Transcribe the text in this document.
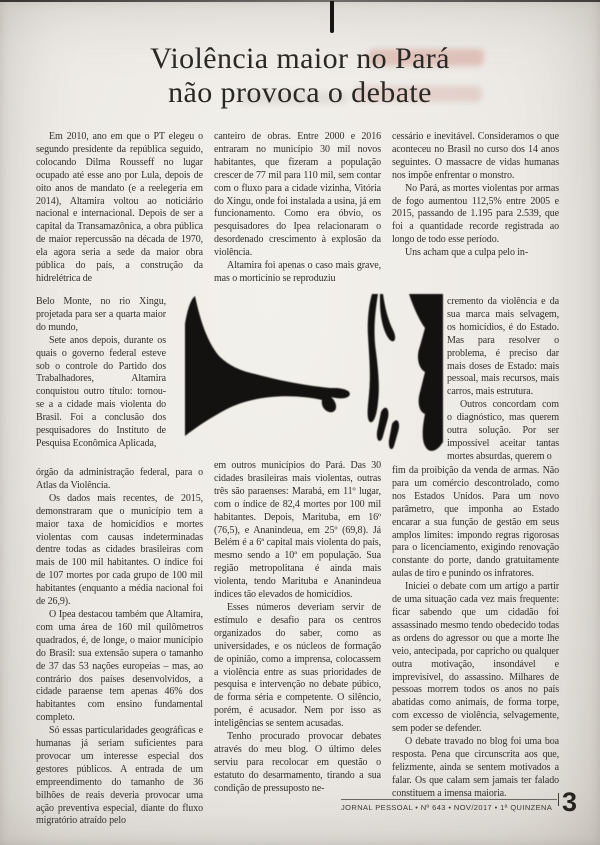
Violência maior no Pará
não provoca o debate

Em 2010, ano em que o PT elegeu o segundo presidente da república seguido, colocando Dilma Rousseff no lugar ocupado até esse ano por Lula, depois de oito anos de mandato (e a reelegeria em 2014), Altamira voltou ao noticiário nacional e internacional. Depois de ser a capital da Transamazônica, a obra pública de maior repercussão na década de 1970, ela agora seria a sede da maior obra pública do país, a construção da hidrelétrica de

Belo Monte, no rio Xingu, projetada para ser a quarta maior do mundo,

Sete anos depois, durante os quais o governo federal esteve sob o controle do Partido dos Trabalhadores, Altamira conquistou outro título: tornou-se a a cidade mais violenta do Brasil. Foi a conclusão dos pesquisadores do Instituto de Pesquisa Econômica Aplicada,

órgão da administração federal, para o Atlas da Violência.

Os dados mais recentes, de 2015, demonstraram que o município tem a maior taxa de homicídios e mortes violentas com causas indeterminadas dentre todas as cidades brasileiras com mais de 100 mil habitantes. O índice foi de 107 mortes por cada grupo de 100 mil habitantes (enquanto a média nacional foi de 26,9).

O Ipea destacou também que Altamira, com uma área de 160 mil quilômetros quadrados, é, de longe, o maior município do Brasil: sua extensão supera o tamanho de 37 das 53 nações europeias – mas, ao contrário dos países desenvolvidos, a cidade paraense tem apenas 46% dos habitantes com ensino fundamental completo.

Só essas particularidades geográficas e humanas já seriam suficientes para provocar um interesse especial dos gestores públicos. A entrada de um empreendimento do tamanho de 36 bilhões de reais deveria provocar uma ação preventiva especial, diante do fluxo migratório atraído pelo

canteiro de obras. Entre 2000 e 2016 entraram no município 30 mil novos habitantes, que fizeram a população crescer de 77 mil para 110 mil, sem contar com o fluxo para a cidade vizinha, Vitória do Xingu, onde foi instalada a usina, já em funcionamento. Como era óbvio, os pesquisadores do Ipea relacionaram o desordenado crescimento à explosão da violência.

Altamira foi apenas o caso mais grave, mas o morticínio se reproduziu

em outros municípios do Pará. Das 30 cidades brasileiras mais violentas, outras três são paraenses: Marabá, em 11º lugar, com o índice de 82,4 mortes por 100 mil habitantes. Depois, Marituba, em 16º (76,5), e Ananindeua, em 25º (69,8). Já Belém é a 6ª capital mais violenta do país, mesmo sendo a 10ª em população. Sua região metropolitana é ainda mais violenta, tendo Marituba e Ananindeua índices tão elevados de homicídios.

Esses números deveriam servir de estímulo e desafio para os centros organizados do saber, como as universidades, e os núcleos de formação de opinião, como a imprensa, colocassem a violência entre as suas prioridades de pesquisa e intervenção no debate púbico, de forma séria e competente. O silêncio, porém, é acusador. Nem por isso as inteligências se sentem acusadas.

Tenho procurado provocar debates através do meu blog. O último deles serviu para recolocar em questão o estatuto do desarmamento, tirando a sua condição de pressuposto ne-

cessário e inevitável. Consideramos o que aconteceu no Brasil no curso dos 14 anos seguintes. O massacre de vidas humanas nos impõe enfrentar o monstro.

No Pará, as mortes violentas por armas de fogo aumentou 112,5% entre 2005 e 2015, passando de 1.195 para 2.539, que foi a quantidade recorde registrada ao longo de todo esse período.

Uns acham que a culpa pelo in-

cremento da violência e da sua marca mais selvagem, os homicídios, é do Estado. Mas para resolver o problema, é preciso dar mais doses de Estado: mais pessoal, mais recursos, mais carros, mais estrutura.

Outros concordam com o diagnóstico, mas querem outra solução. Por ser impossível aceitar tantas mortes absurdas, querem o

fim da proibição da venda de armas. Não para um comércio descontrolado, como nos Estados Unidos. Para um novo parâmetro, que imponha ao Estado encarar a sua função de gestão em seus amplos limites: impondo regras rigorosas para o licenciamento, exigindo renovação constante do porte, dando gratuitamente aulas de tiro e punindo os infratores.

Iniciei o debate com um artigo a partir de uma situação cada vez mais frequente: ficar sabendo que um cidadão foi assassinado mesmo tendo obedecido todas as ordens do agressor ou que a morte lhe veio, antecipada, por capricho ou qualquer outra motivação, insondável e imprevisível, do assassino. Milhares de pessoas morrem todos os anos no país abatidas como animais, de forma torpe, com excesso de violência, selvagemente, sem poder se defender.

O debate travado no blog foi uma boa resposta. Pena que circunscrita aos que, felizmente, ainda se sentem motivados a falar. Os que calam sem jamais ter falado constituem a imensa maioria.

JORNAL PESSOAL • Nº 643 • NOV/2017 • 1ª QUINZENA 3
